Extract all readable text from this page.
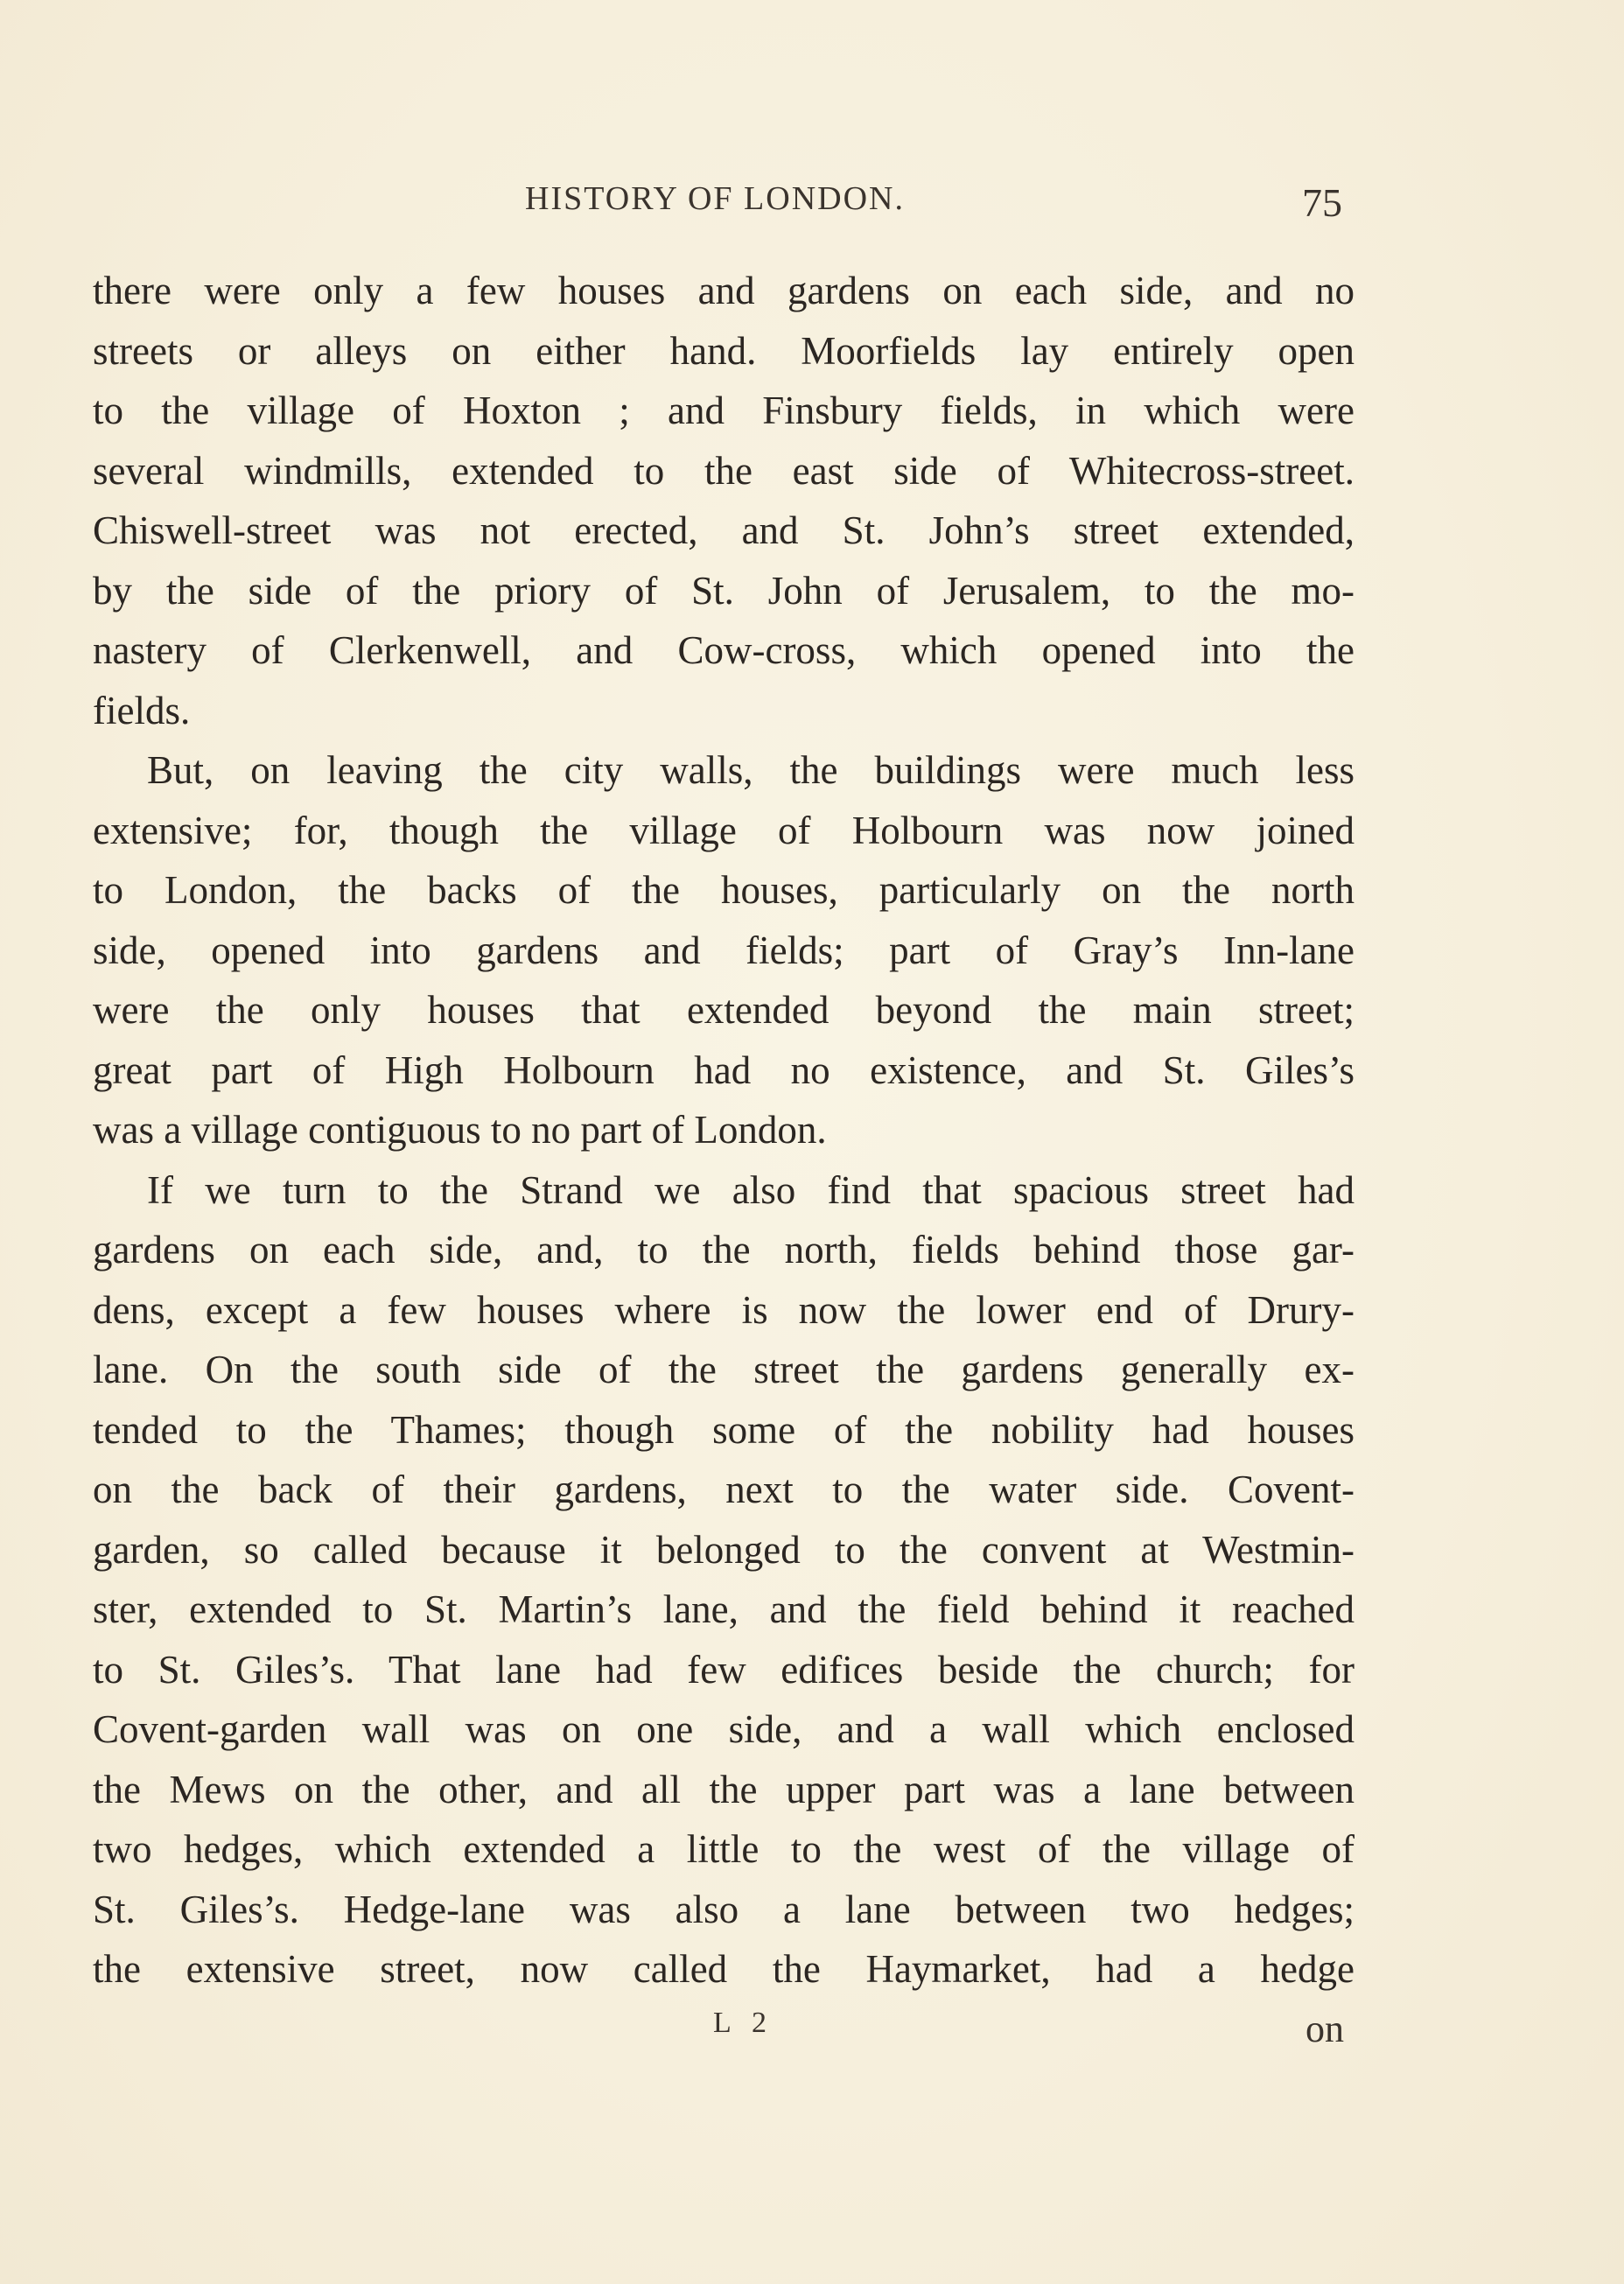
HISTORY OF LONDON.	75
there were only a few houses and gardens on each side, and no
streets or alleys on either hand. Moorfields lay entirely open
to the village of Hoxton ; and Finsbury fields, in which were
several windmills, extended to the east side of Whitecross-street.
Chiswell-street was not erected, and St. John’s street extended,
by the side of the priory of St. John of Jerusalem, to the mo-
nastery of Clerkenwell, and Cow-cross, which opened into the
fields.
But, on leaving the city walls, the buildings were much less
extensive; for, though the village of Holbourn was now joined
to London, the backs of the houses, particularly on the north
side, opened into gardens and fields; part of Gray’s Inn-lane
were the only houses that extended beyond the main street;
great part of High Holbourn had no existence, and St. Giles’s
was a village contiguous to no part of London.
If we turn to the Strand we also find that spacious street had
gardens on each side, and, to the north, fields behind those gar-
dens, except a few houses where is now the lower end of Drury-
lane. On the south side of the street the gardens generally ex-
tended to the Thames; though some of the nobility had houses
on the back of their gardens, next to the water side. Covent-
garden, so called because it belonged to the convent at Westmin-
ster, extended to St. Martin’s lane, and the field behind it reached
to St. Giles’s. That lane had few edifices beside the church; for
Covent-garden wall was on one side, and a wall which enclosed
the Mews on the other, and all the upper part was a lane between
two hedges, which extended a little to the west of the village of
St. Giles’s. Hedge-lane was also a lane between two hedges;
the extensive street, now called the Haymarket, had a hedge
L 2	on
